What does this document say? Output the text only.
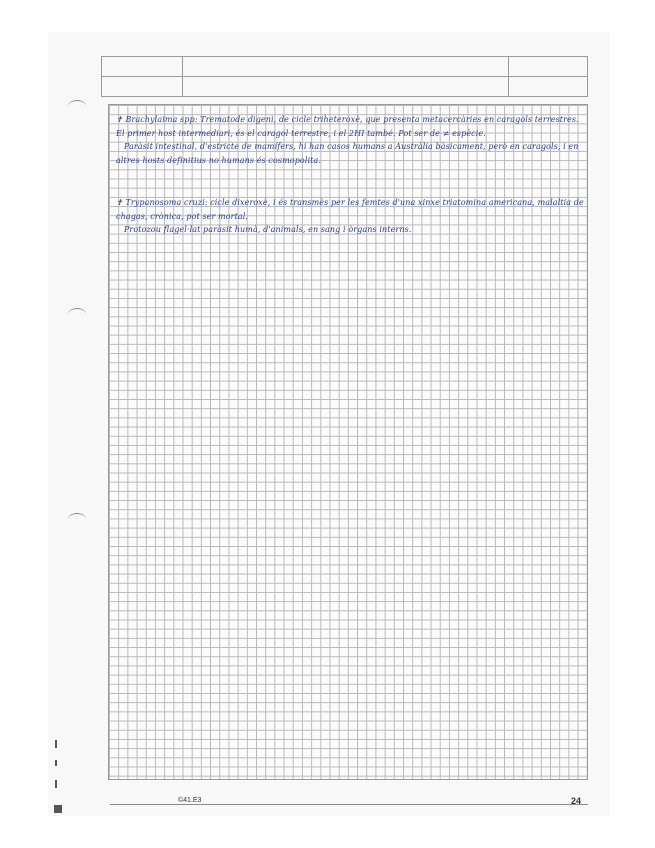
✝ Brachylaima spp: Trematode digeni, de cicle triheteroxè, que presenta metacercàries en caragols terrestres. El primer host intermediari, és el caragol terrestre, i el 2HI també. Pot ser de ≠ espècie.
Paràsit intestinal, d'estricte de mamífers, hi han casos humans a Austràlia bàsicament, però en caragols, i en altres hosts definitius no humans és cosmopolita.
✝ Trypanosoma cruzi: cicle dixeroxè, i és transmès per les femtes d'una xinxe triatomina americana, malaltia de chagas, crònica, pot ser mortal.
Protozou flagel·lat paràsit humà, d'animals, en sang i òrgans interns.
©41.E3	24
